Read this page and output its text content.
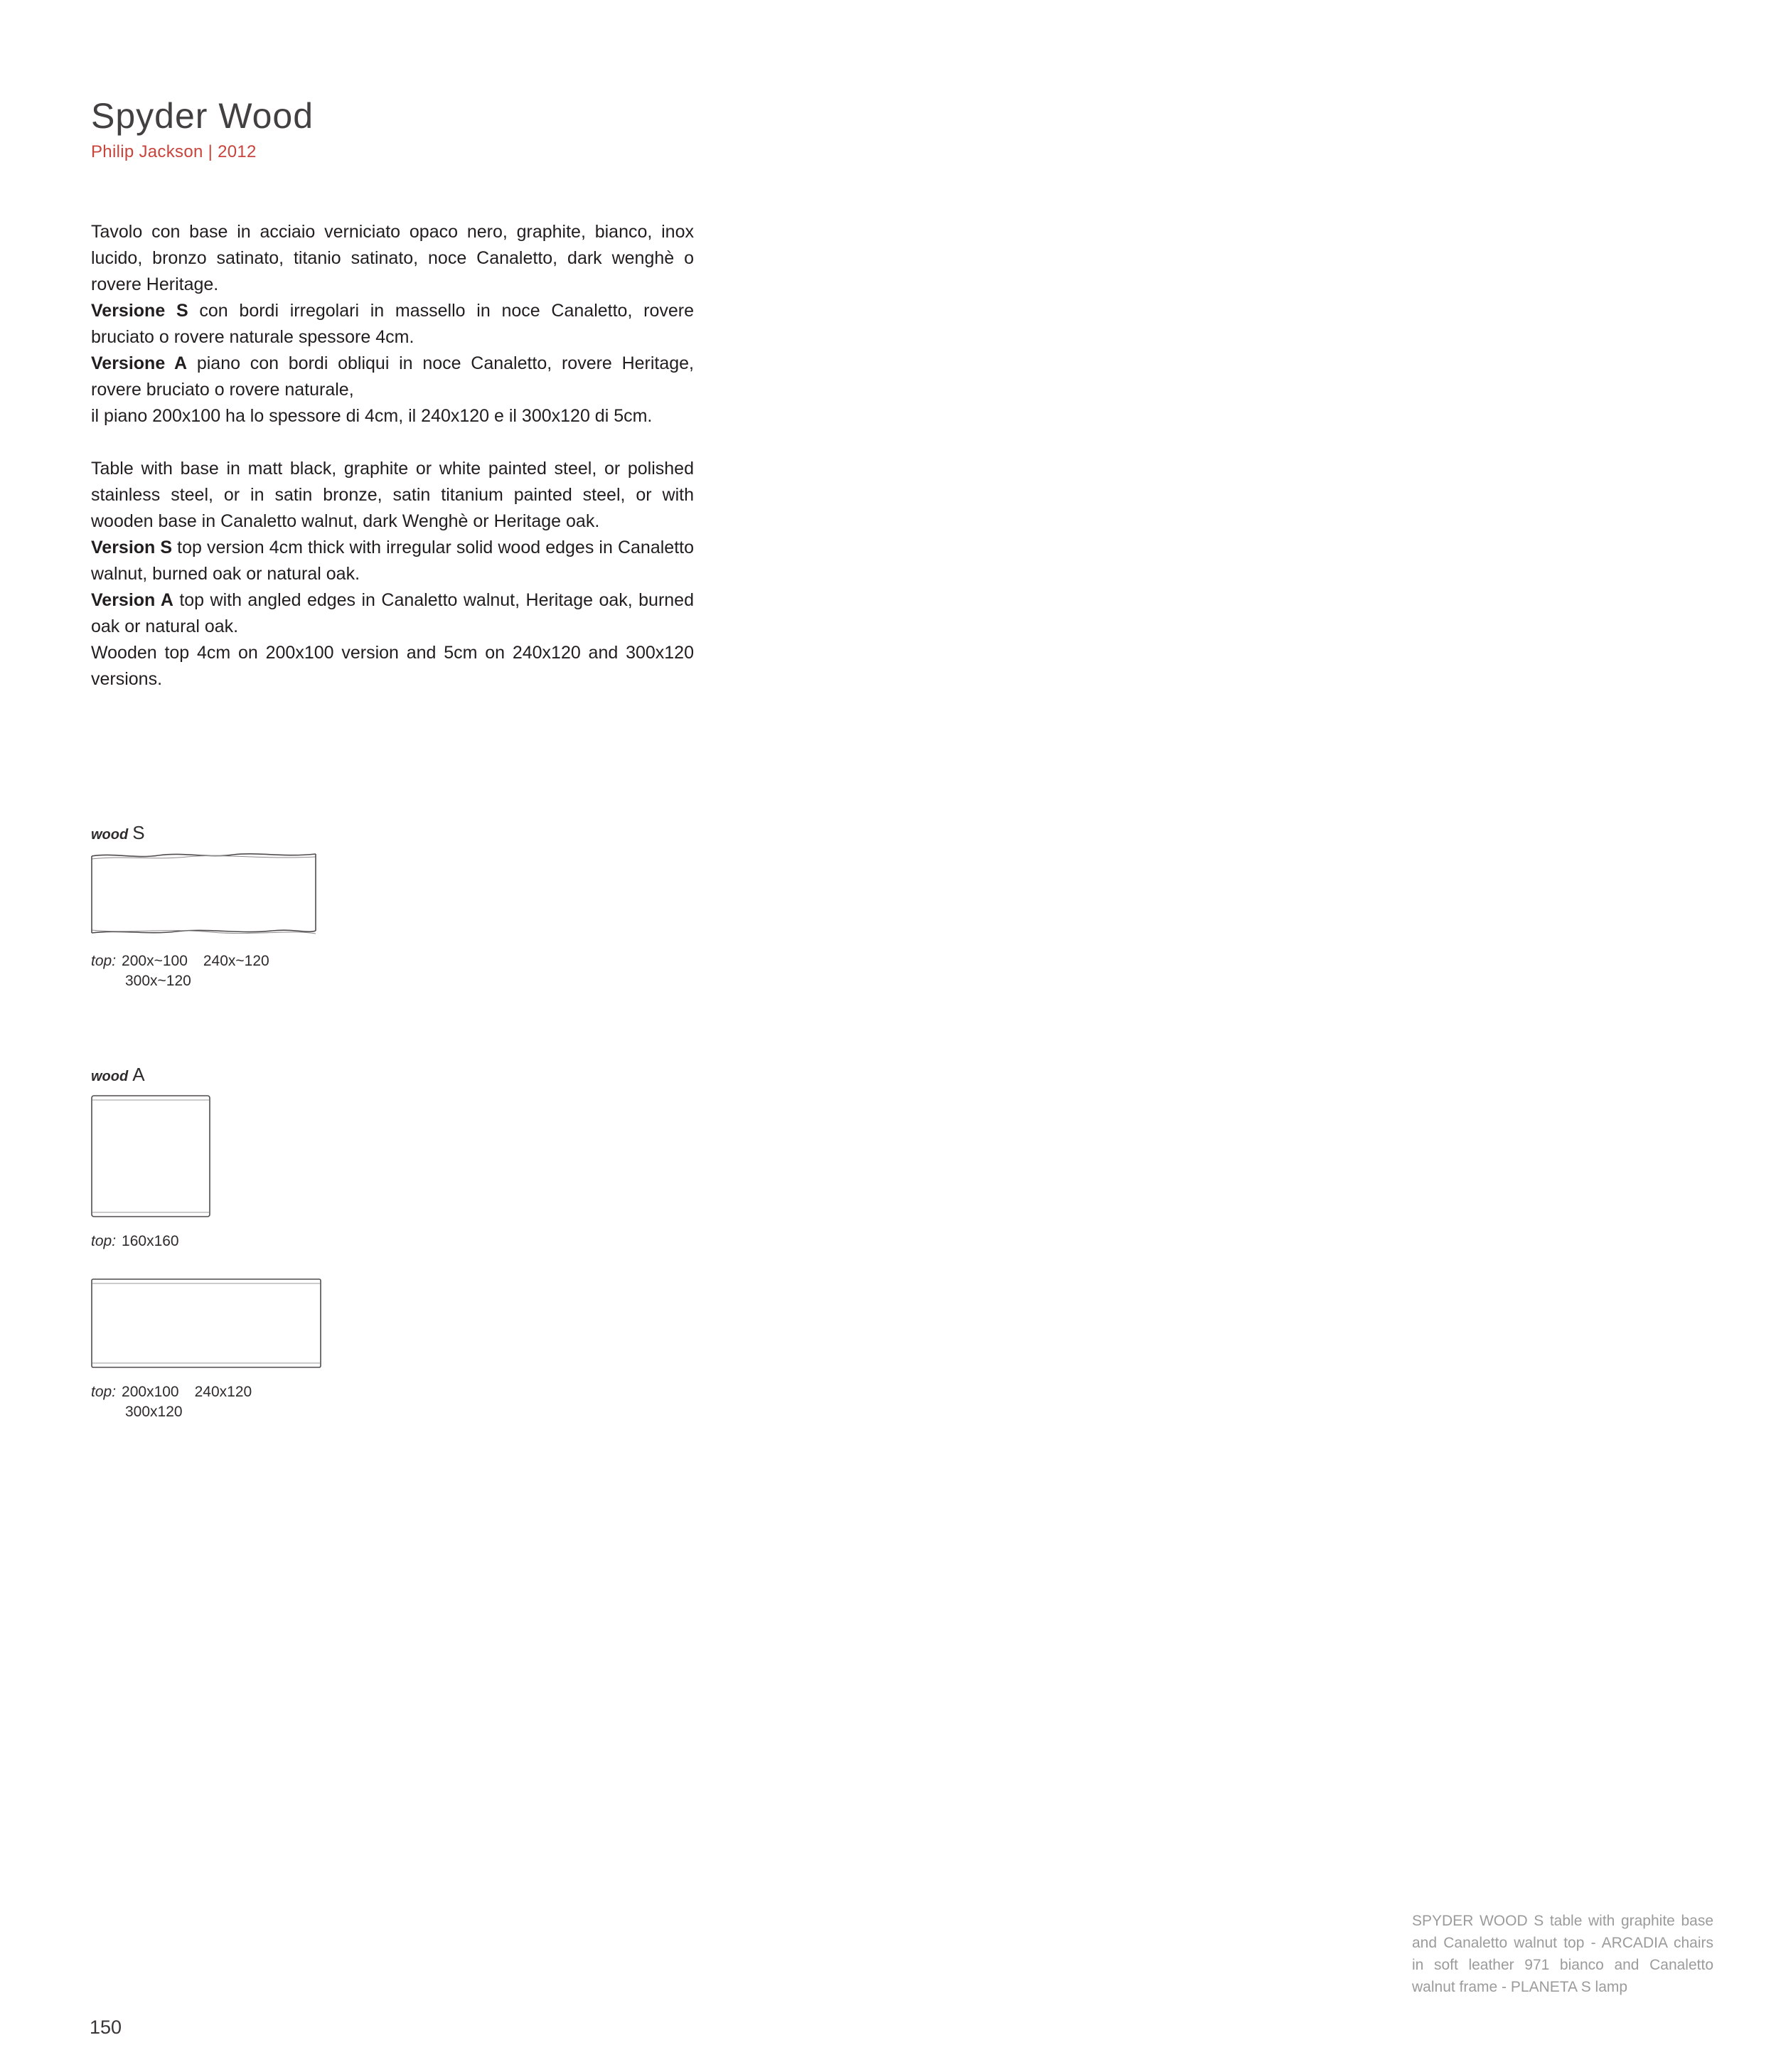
Spyder Wood
Philip Jackson | 2012

Tavolo con base in acciaio verniciato opaco nero, graphite, bianco, inox lucido, bronzo satinato, titanio satinato, noce Canaletto, dark wenghè o rovere Heritage.

Versione S con bordi irregolari in massello in noce Canaletto, rovere bruciato o rovere naturale spessore 4cm.

Versione A piano con bordi obliqui in noce Canaletto, rovere Heritage, rovere bruciato o rovere naturale,

il piano 200x100 ha lo spessore di 4cm, il 240x120 e il 300x120 di 5cm.

Table with base in matt black, graphite or white painted steel, or polished stainless steel, or in satin bronze, satin titanium painted steel, or with wooden base in Canaletto walnut, dark Wenghè or Heritage oak.

Version S top version 4cm thick with irregular solid wood edges in Canaletto walnut, burned oak or natural oak.

Version A top with angled edges in Canaletto walnut, Heritage oak, burned oak or natural oak.

Wooden top 4cm on 200x100 version and 5cm on 240x120 and 300x120 versions.

wood S
top: 200x~100 240x~120
300x~120
wood A
top: 160x160
top: 200x100 240x120
300x120
SPYDER WOOD S table with graphite base and Canaletto walnut top - ARCADIA chairs in soft leather 971 bianco and Canaletto walnut frame - PLANETA S lamp
150
